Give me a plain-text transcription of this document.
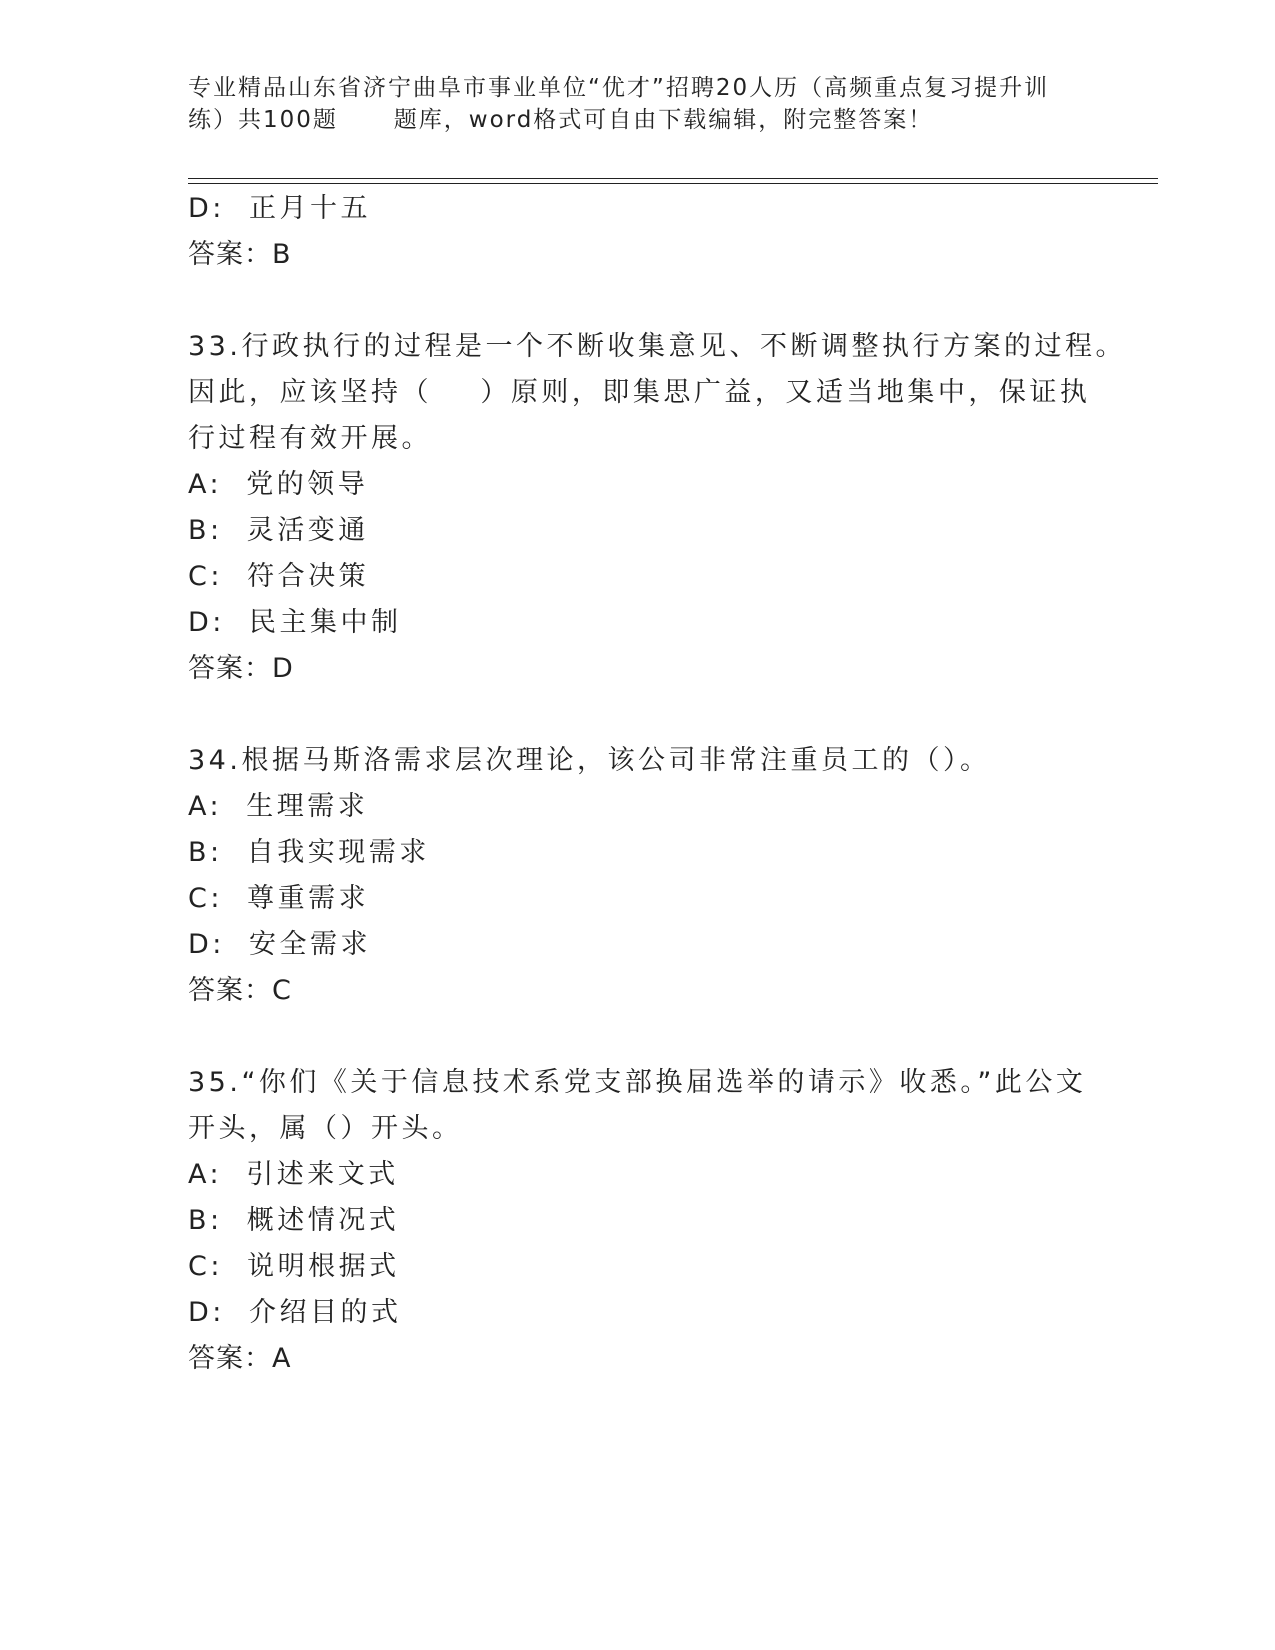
专业精品山东省济宁曲阜市事业单位“优才”招聘20人历（高频重点复习提升训
练）共100题      题库，word格式可自由下载编辑，附完整答案！
D:  正月十五
答案：B
33.行政执行的过程是一个不断收集意见、不断调整执行方案的过程。
因此，应该坚持（    ）原则，即集思广益，又适当地集中，保证执
行过程有效开展。
A:  党的领导
B:  灵活变通
C:  符合决策
D:  民主集中制
答案：D
34.根据马斯洛需求层次理论，该公司非常注重员工的（）。
A:  生理需求
B:  自我实现需求
C:  尊重需求
D:  安全需求
答案：C
35.“你们《关于信息技术系党支部换届选举的请示》收悉。”此公文
开头，属（）开头。
A:  引述来文式
B:  概述情况式
C:  说明根据式
D:  介绍目的式
答案：A
